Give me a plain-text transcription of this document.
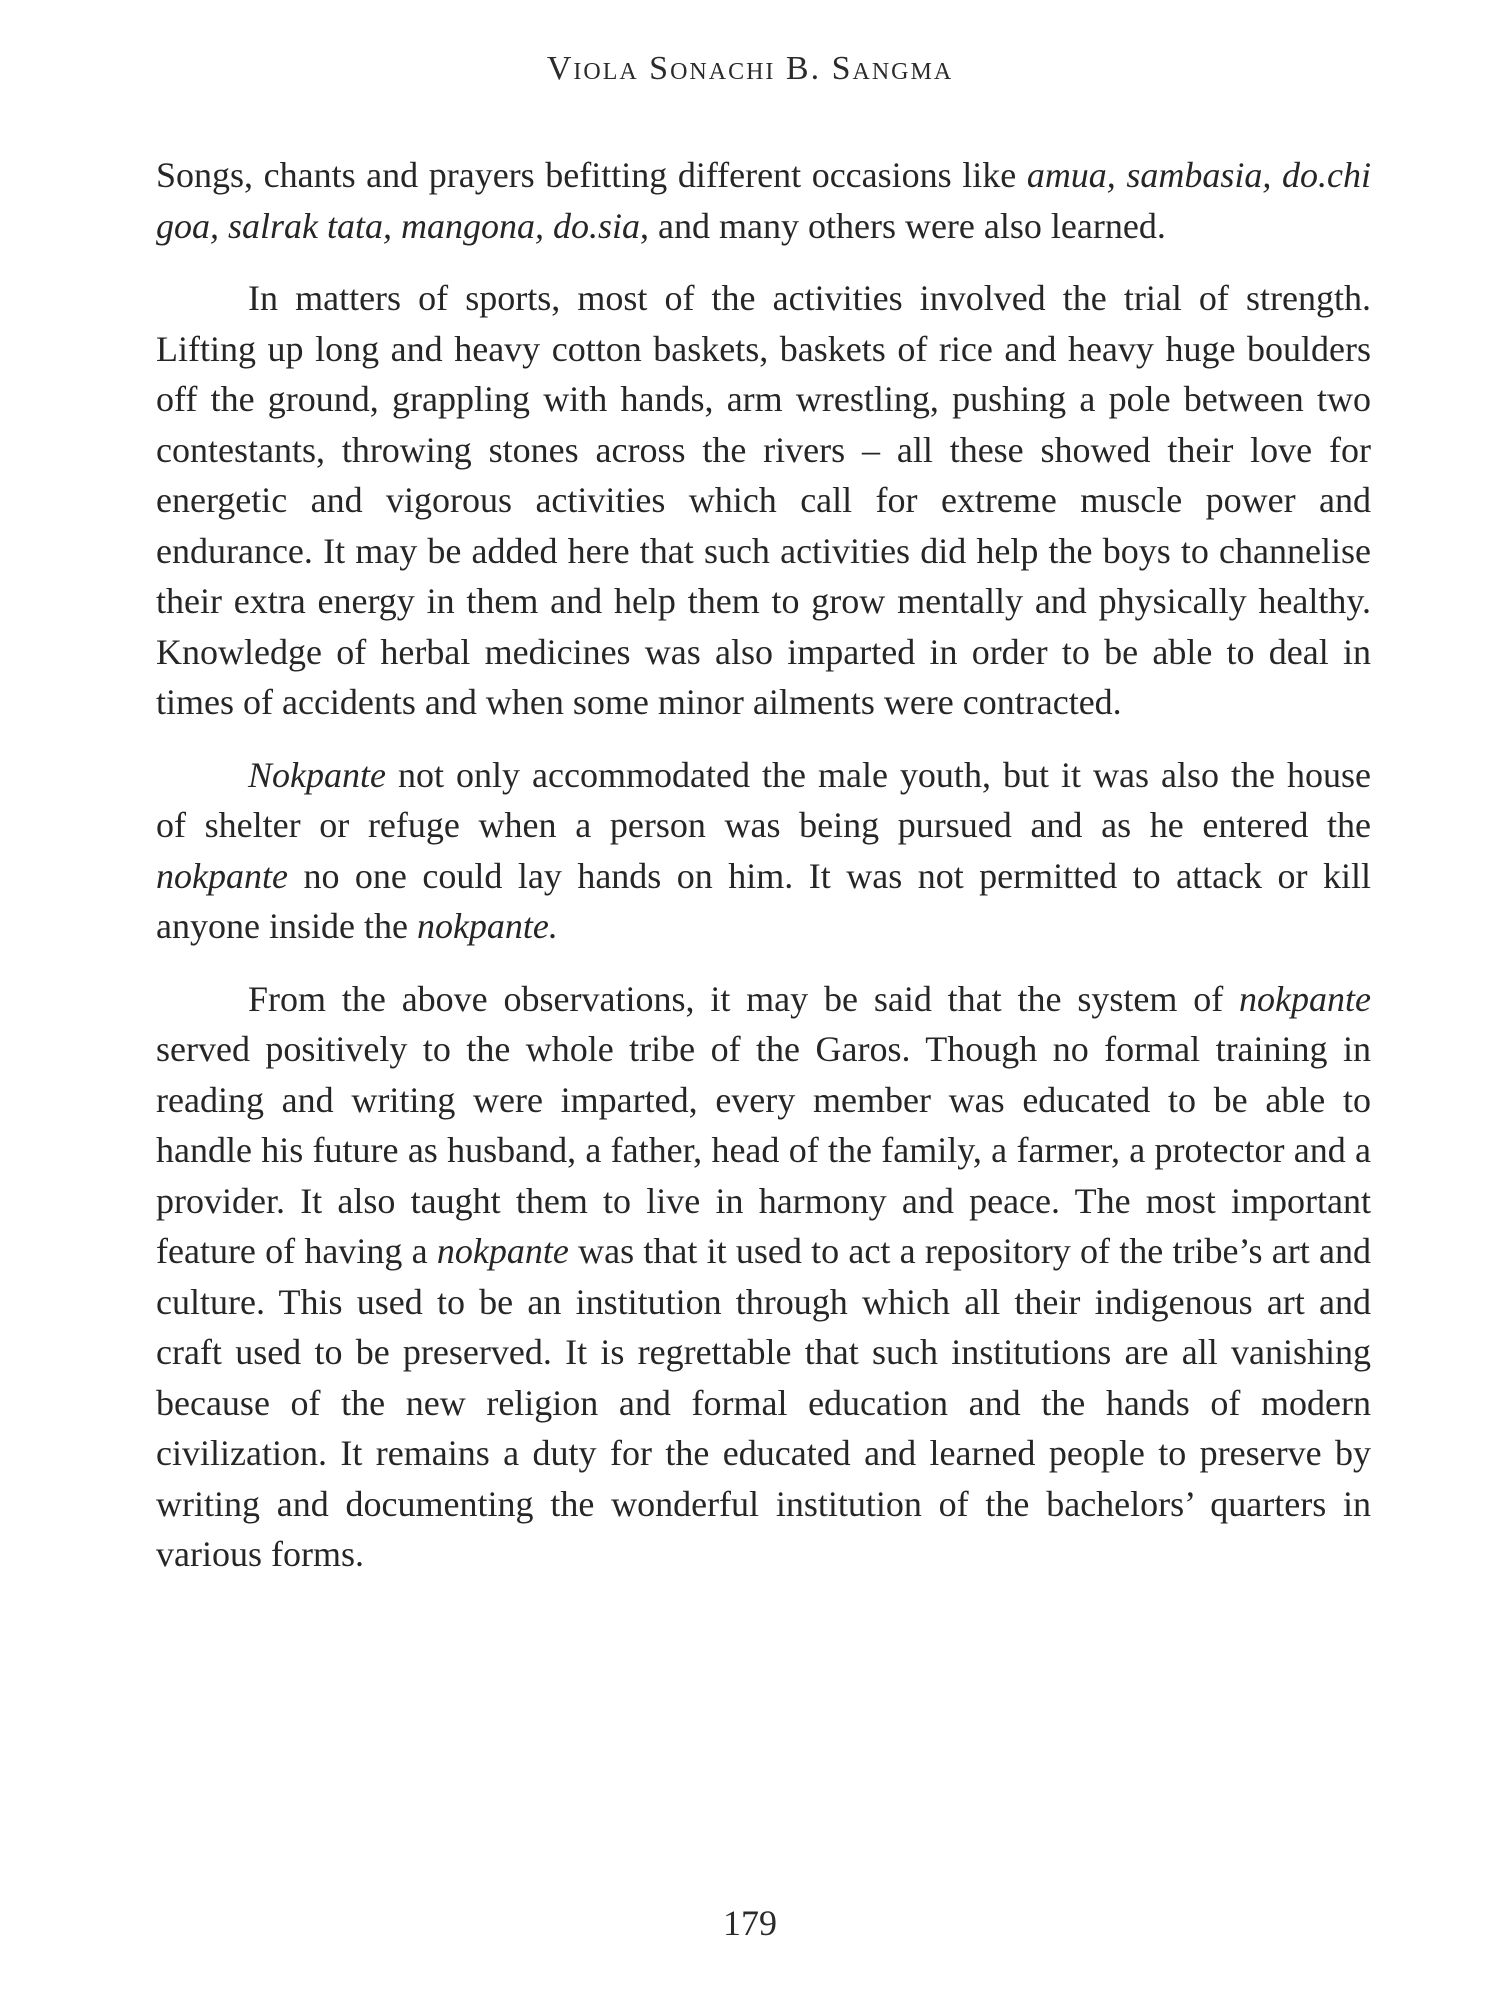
Viola Sonachi B. Sangma

Songs, chants and prayers befitting different occasions like amua, sambasia, do.chi goa, salrak tata, mangona, do.sia, and many others were also learned.

In matters of sports, most of the activities involved the trial of strength. Lifting up long and heavy cotton baskets, baskets of rice and heavy huge boulders off the ground, grappling with hands, arm wrestling, pushing a pole between two contestants, throwing stones across the rivers – all these showed their love for energetic and vigorous activities which call for extreme muscle power and endurance. It may be added here that such activities did help the boys to channelise their extra energy in them and help them to grow mentally and physically healthy. Knowledge of herbal medicines was also imparted in order to be able to deal in times of accidents and when some minor ailments were contracted.

Nokpante not only accommodated the male youth, but it was also the house of shelter or refuge when a person was being pursued and as he entered the nokpante no one could lay hands on him. It was not permitted to attack or kill anyone inside the nokpante.

From the above observations, it may be said that the system of nokpante served positively to the whole tribe of the Garos. Though no formal training in reading and writing were imparted, every member was educated to be able to handle his future as husband, a father, head of the family, a farmer, a protector and a provider. It also taught them to live in harmony and peace. The most important feature of having a nokpante was that it used to act a repository of the tribe’s art and culture. This used to be an institution through which all their indigenous art and craft used to be preserved. It is regrettable that such institutions are all vanishing because of the new religion and formal education and the hands of modern civilization. It remains a duty for the educated and learned people to preserve by writing and documenting the wonderful institution of the bachelors’ quarters in various forms.

179
